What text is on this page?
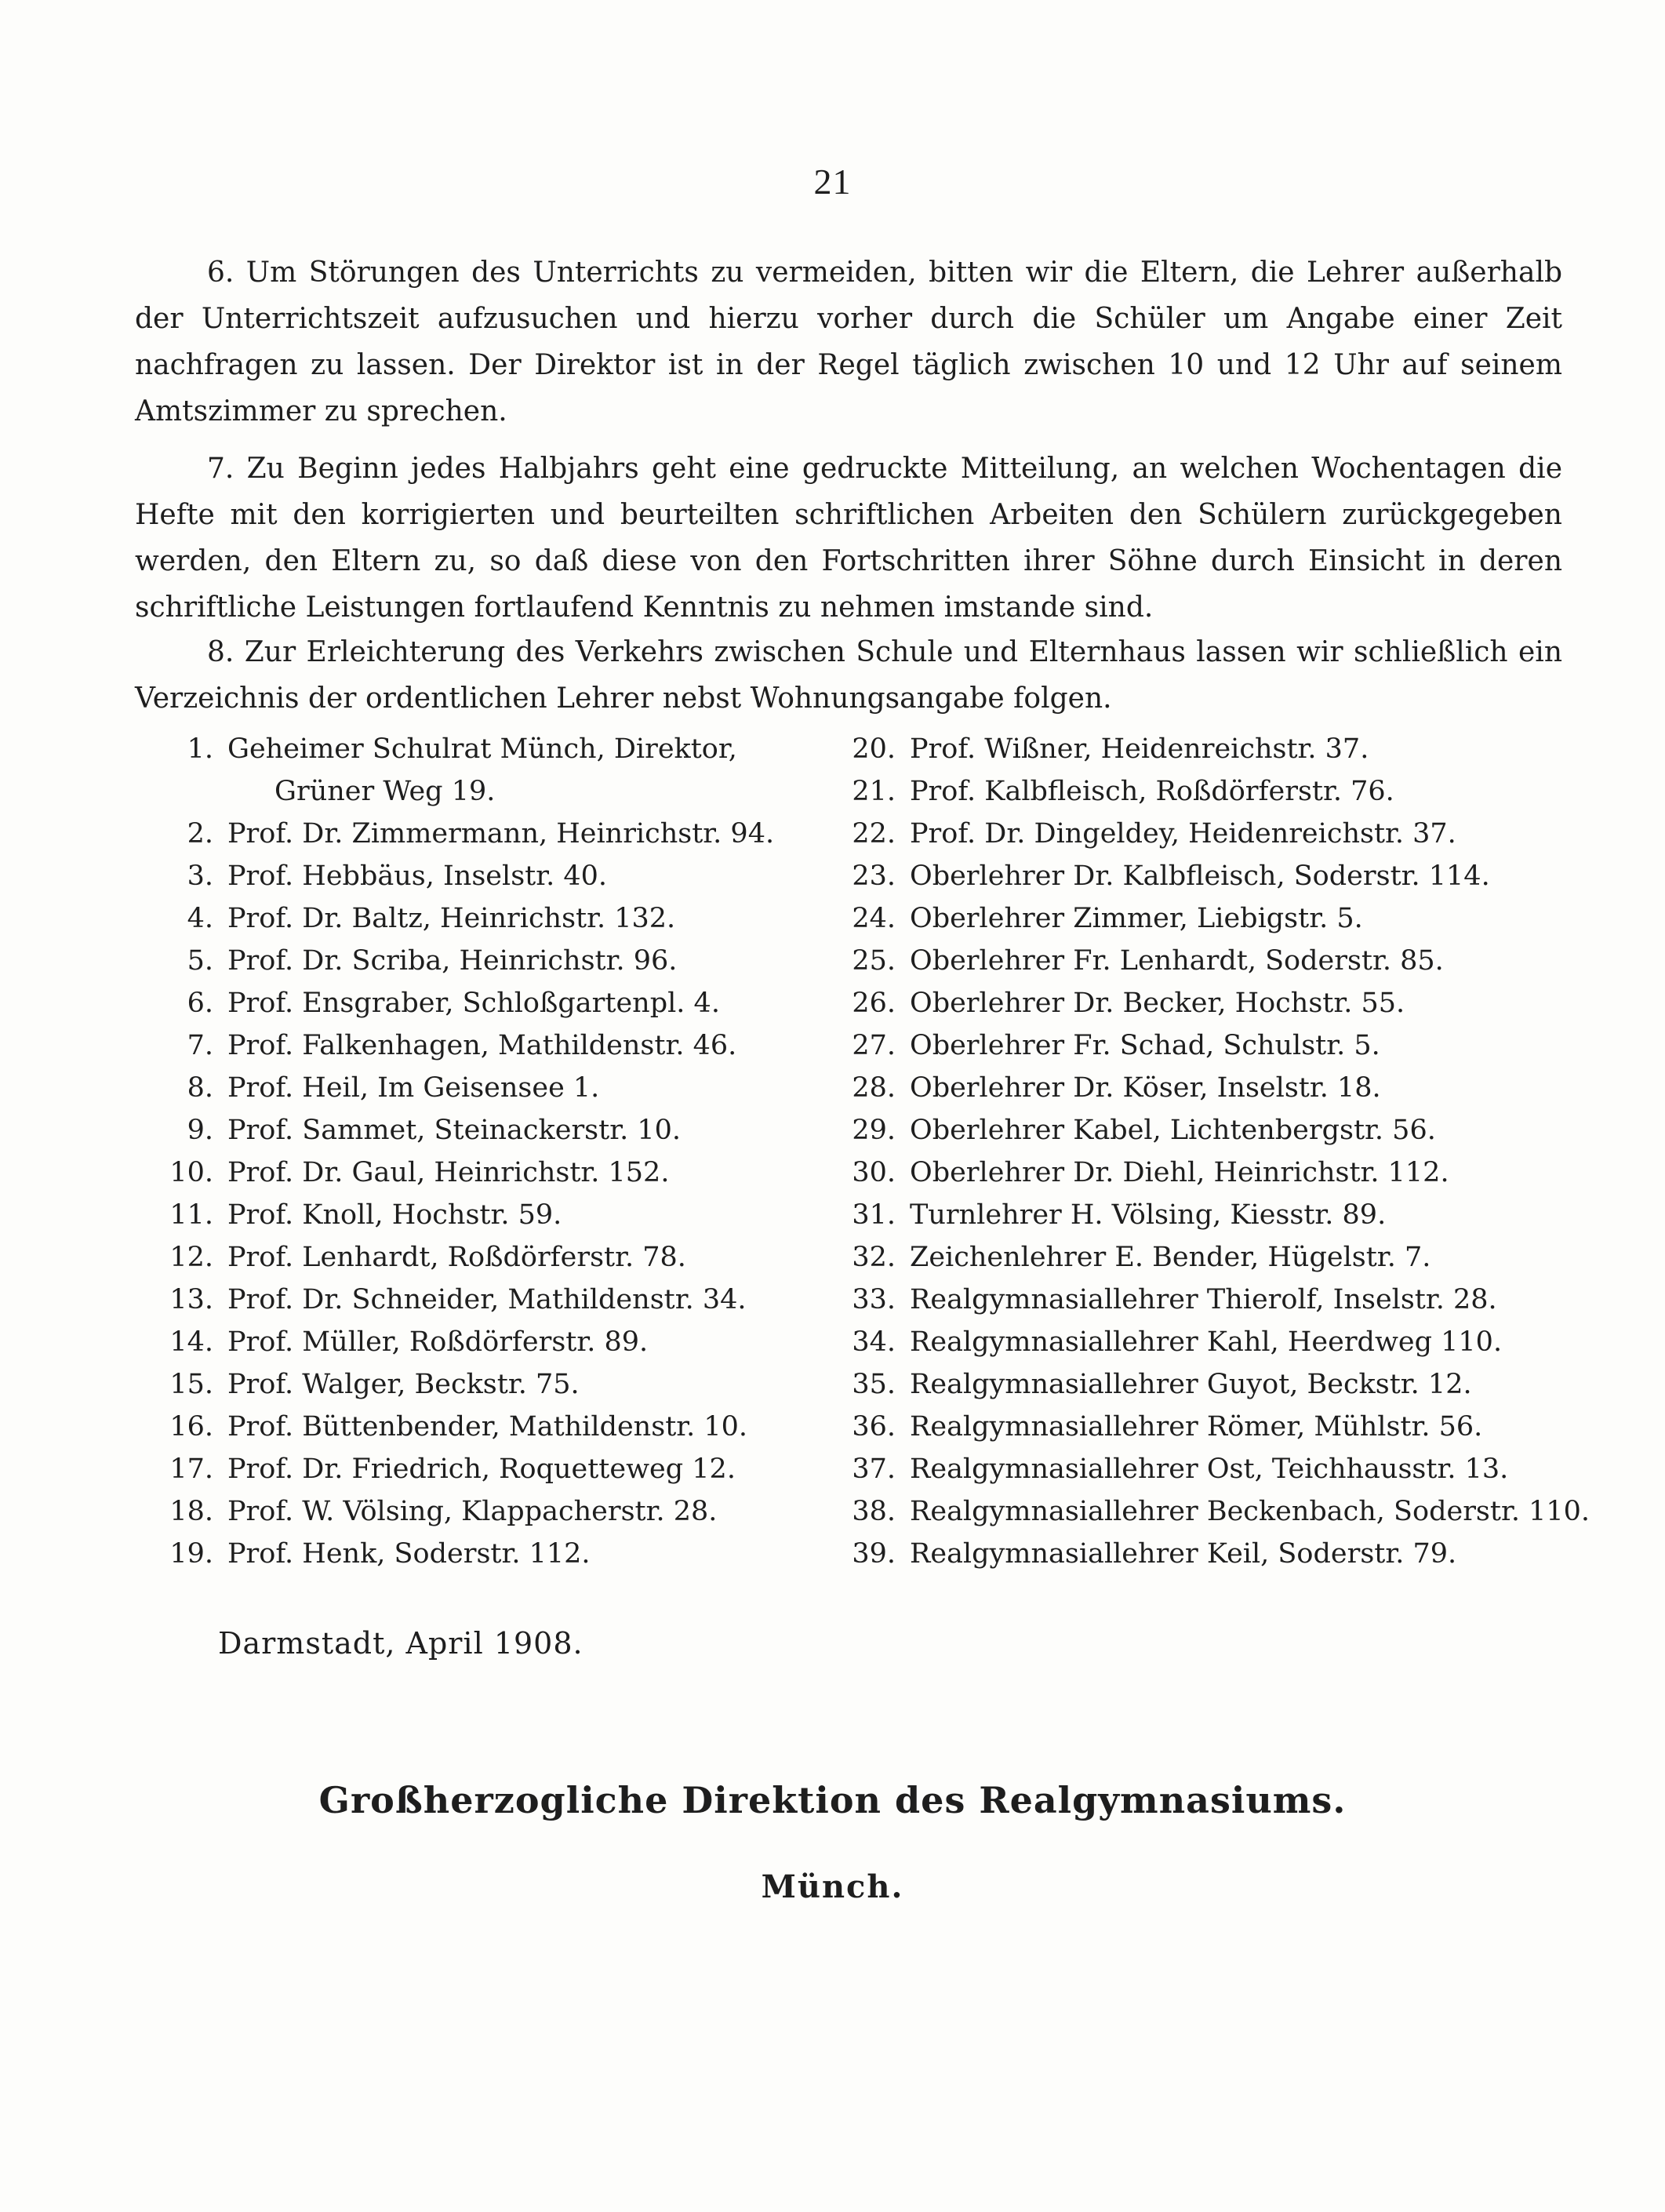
21

6. Um Störungen des Unterrichts zu vermeiden, bitten wir die Eltern, die Lehrer außerhalb der Unterrichtszeit aufzusuchen und hierzu vorher durch die Schüler um Angabe einer Zeit nachfragen zu lassen. Der Direktor ist in der Regel täglich zwischen 10 und 12 Uhr auf seinem Amtszimmer zu sprechen.

7. Zu Beginn jedes Halbjahrs geht eine gedruckte Mitteilung, an welchen Wochentagen die Hefte mit den korrigierten und beurteilten schriftlichen Arbeiten den Schülern zurückgegeben werden, den Eltern zu, so daß diese von den Fortschritten ihrer Söhne durch Einsicht in deren schriftliche Leistungen fortlaufend Kenntnis zu nehmen imstande sind.

8. Zur Erleichterung des Verkehrs zwischen Schule und Elternhaus lassen wir schließlich ein Verzeichnis der ordentlichen Lehrer nebst Wohnungsangabe folgen.

1. Geheimer Schulrat Münch, Direktor,
Grüner Weg 19.
2. Prof. Dr. Zimmermann, Heinrichstr. 94.
3. Prof. Hebbäus, Inselstr. 40.
4. Prof. Dr. Baltz, Heinrichstr. 132.
5. Prof. Dr. Scriba, Heinrichstr. 96.
6. Prof. Ensgraber, Schloßgartenpl. 4.
7. Prof. Falkenhagen, Mathildenstr. 46.
8. Prof. Heil, Im Geisensee 1.
9. Prof. Sammet, Steinackerstr. 10.
10. Prof. Dr. Gaul, Heinrichstr. 152.
11. Prof. Knoll, Hochstr. 59.
12. Prof. Lenhardt, Roßdörferstr. 78.
13. Prof. Dr. Schneider, Mathildenstr. 34.
14. Prof. Müller, Roßdörferstr. 89.
15. Prof. Walger, Beckstr. 75.
16. Prof. Büttenbender, Mathildenstr. 10.
17. Prof. Dr. Friedrich, Roquetteweg 12.
18. Prof. W. Völsing, Klappacherstr. 28.
19. Prof. Henk, Soderstr. 112.
20. Prof. Wißner, Heidenreichstr. 37.
21. Prof. Kalbfleisch, Roßdörferstr. 76.
22. Prof. Dr. Dingeldey, Heidenreichstr. 37.
23. Oberlehrer Dr. Kalbfleisch, Soderstr. 114.
24. Oberlehrer Zimmer, Liebigstr. 5.
25. Oberlehrer Fr. Lenhardt, Soderstr. 85.
26. Oberlehrer Dr. Becker, Hochstr. 55.
27. Oberlehrer Fr. Schad, Schulstr. 5.
28. Oberlehrer Dr. Köser, Inselstr. 18.
29. Oberlehrer Kabel, Lichtenbergstr. 56.
30. Oberlehrer Dr. Diehl, Heinrichstr. 112.
31. Turnlehrer H. Völsing, Kiesstr. 89.
32. Zeichenlehrer E. Bender, Hügelstr. 7.
33. Realgymnasiallehrer Thierolf, Inselstr. 28.
34. Realgymnasiallehrer Kahl, Heerdweg 110.
35. Realgymnasiallehrer Guyot, Beckstr. 12.
36. Realgymnasiallehrer Römer, Mühlstr. 56.
37. Realgymnasiallehrer Ost, Teichhausstr. 13.
38. Realgymnasiallehrer Beckenbach, Soderstr. 110.
39. Realgymnasiallehrer Keil, Soderstr. 79.
Darmstadt, April 1908.
Großherzogliche Direktion des Realgymnasiums.
Münch.
